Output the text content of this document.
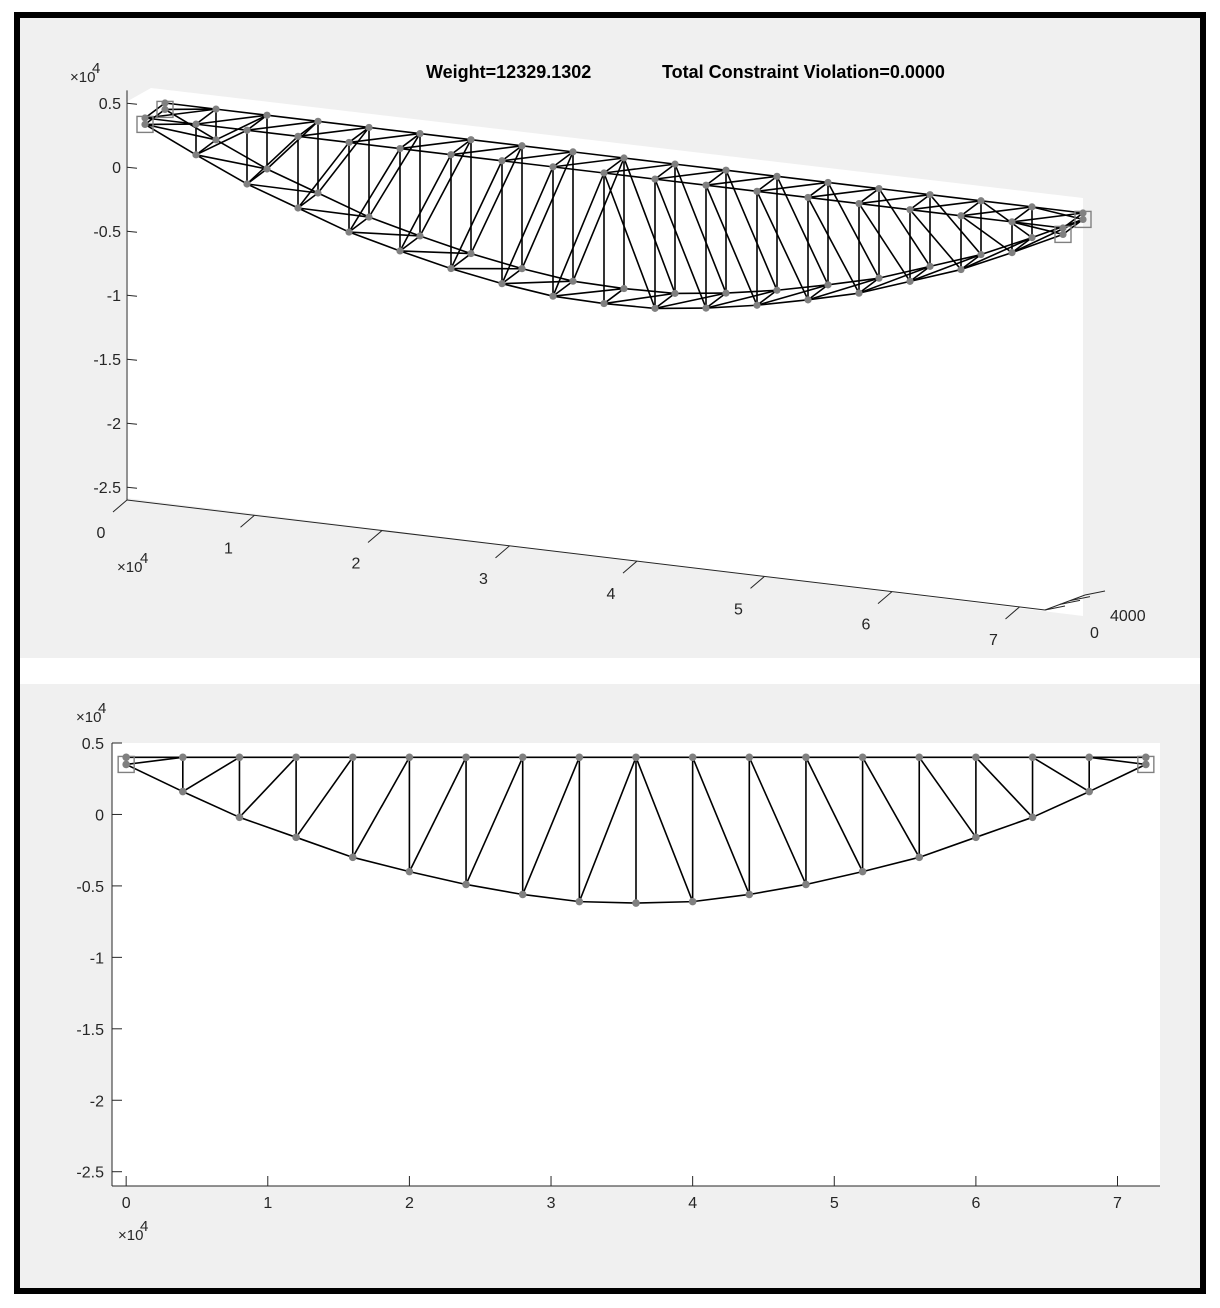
0.5
0
-0.5
-1
-1.5
-2
-2.5
×10
4
0
1
2
3
4
5
6
7
×10
4
0
4000
Weight=12329.1302	Total Constraint Violation=0.0000
0.5
0
-0.5
-1
-1.5
-2
-2.5
×10
4
0	1	2	3	4	5	6	7
×10
4
